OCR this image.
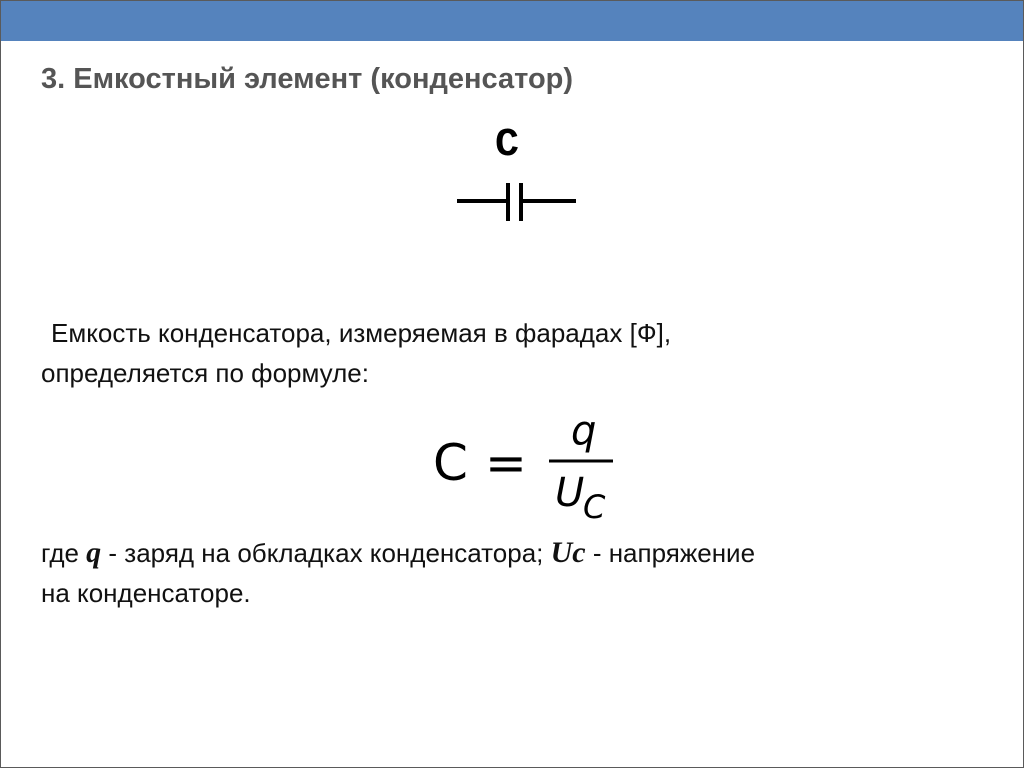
3. Емкостный элемент (конденсатор)
C

Емкость конденсатора, измеряемая в фарадах [Ф],
определяется по формуле:

C =
q
U
C

где q - заряд на обкладках конденсатора; Uc - напряжение
на конденсаторе.
